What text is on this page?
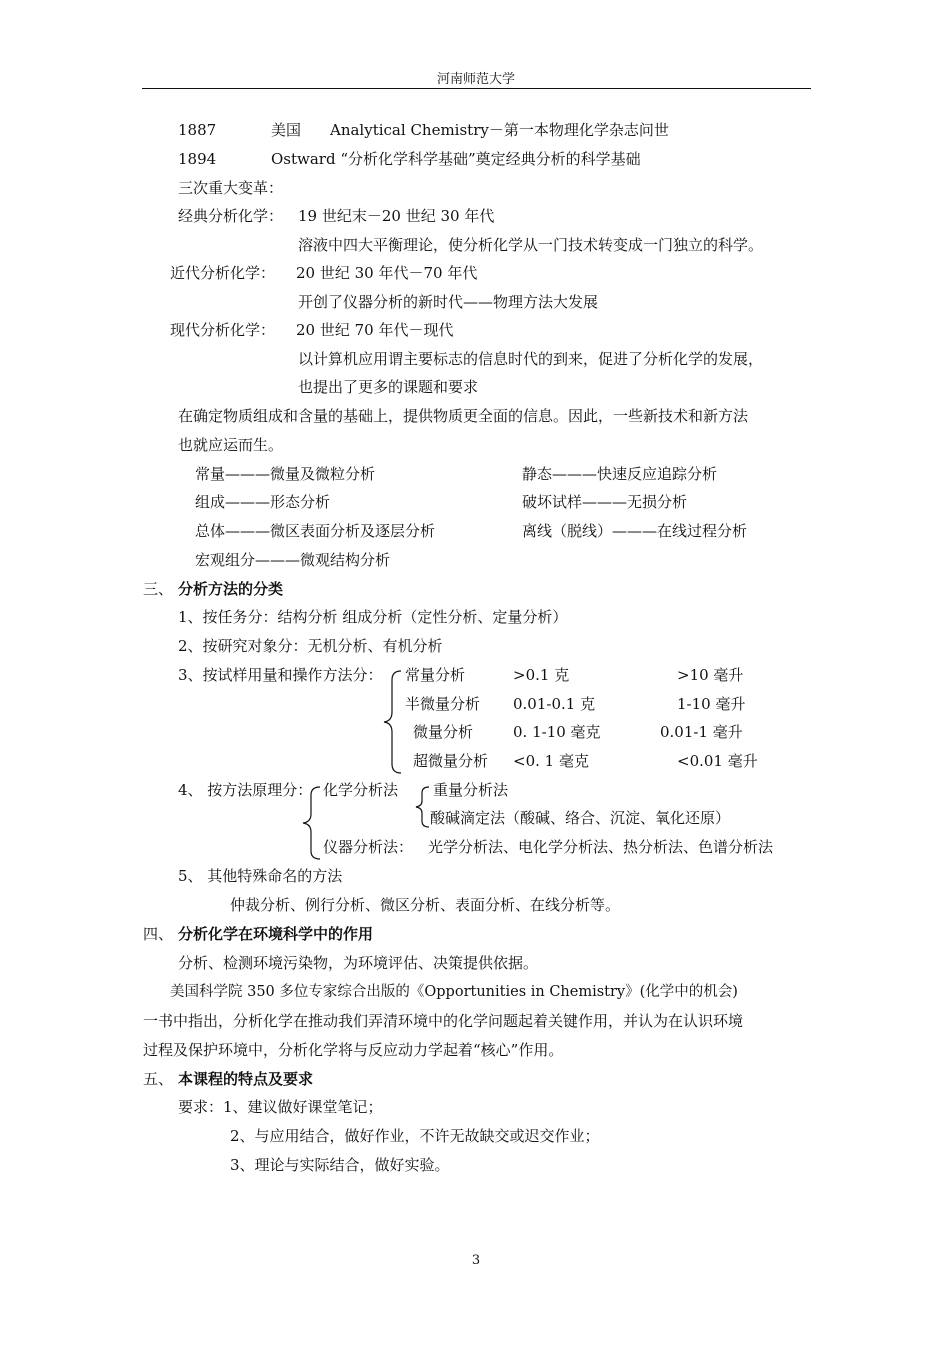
河南师范大学
1887	美国 Analytical Chemistry－第一本物理化学杂志问世
1894	Ostward “分析化学科学基础”奠定经典分析的科学基础
三次重大变革：
经典分析化学： 19 世纪末－20 世纪 30 年代
溶液中四大平衡理论，使分析化学从一门技术转变成一门独立的科学。
近代分析化学： 20 世纪 30 年代－70 年代
开创了仪器分析的新时代——物理方法大发展
现代分析化学： 20 世纪 70 年代－现代
以计算机应用谓主要标志的信息时代的到来，促进了分析化学的发展，
也提出了更多的课题和要求
在确定物质组成和含量的基础上，提供物质更全面的信息。因此，一些新技术和新方法
也就应运而生。
常量———微量及微粒分析	静态———快速反应追踪分析
组成———形态分析	破坏试样———无损分析
总体———微区表面分析及逐层分析	离线（脱线）———在线过程分析
宏观组分———微观结构分析
三、 分析方法的分类
1、按任务分：结构分析 组成分析（定性分析、定量分析）
2、按研究对象分：无机分析、有机分析
3、按试样用量和操作方法分： 常量分析	>0.1 克	>10 毫升
半微量分析 0.01-0.1 克	1-10 毫升
微量分析	0. 1-10 毫克	0.01-1 毫升
超微量分析 <0. 1 毫克	<0.01 毫升
4、 按方法原理分： 化学分析法 重量分析法
酸碱滴定法（酸碱、络合、沉淀、氧化还原）
仪器分析法： 光学分析法、电化学分析法、热分析法、色谱分析法
5、 其他特殊命名的方法
仲裁分析、例行分析、微区分析、表面分析、在线分析等。
四、 分析化学在环境科学中的作用
分析、检测环境污染物，为环境评估、决策提供依据。
美国科学院 350 多位专家综合出版的《Opportunities in Chemistry》(化学中的机会)
一书中指出，分析化学在推动我们弄清环境中的化学问题起着关键作用，并认为在认识环境
过程及保护环境中，分析化学将与反应动力学起着“核心”作用。
五、 本课程的特点及要求
要求：1、建议做好课堂笔记；
2、与应用结合，做好作业，不许无故缺交或迟交作业；
3、理论与实际结合，做好实验。
3
